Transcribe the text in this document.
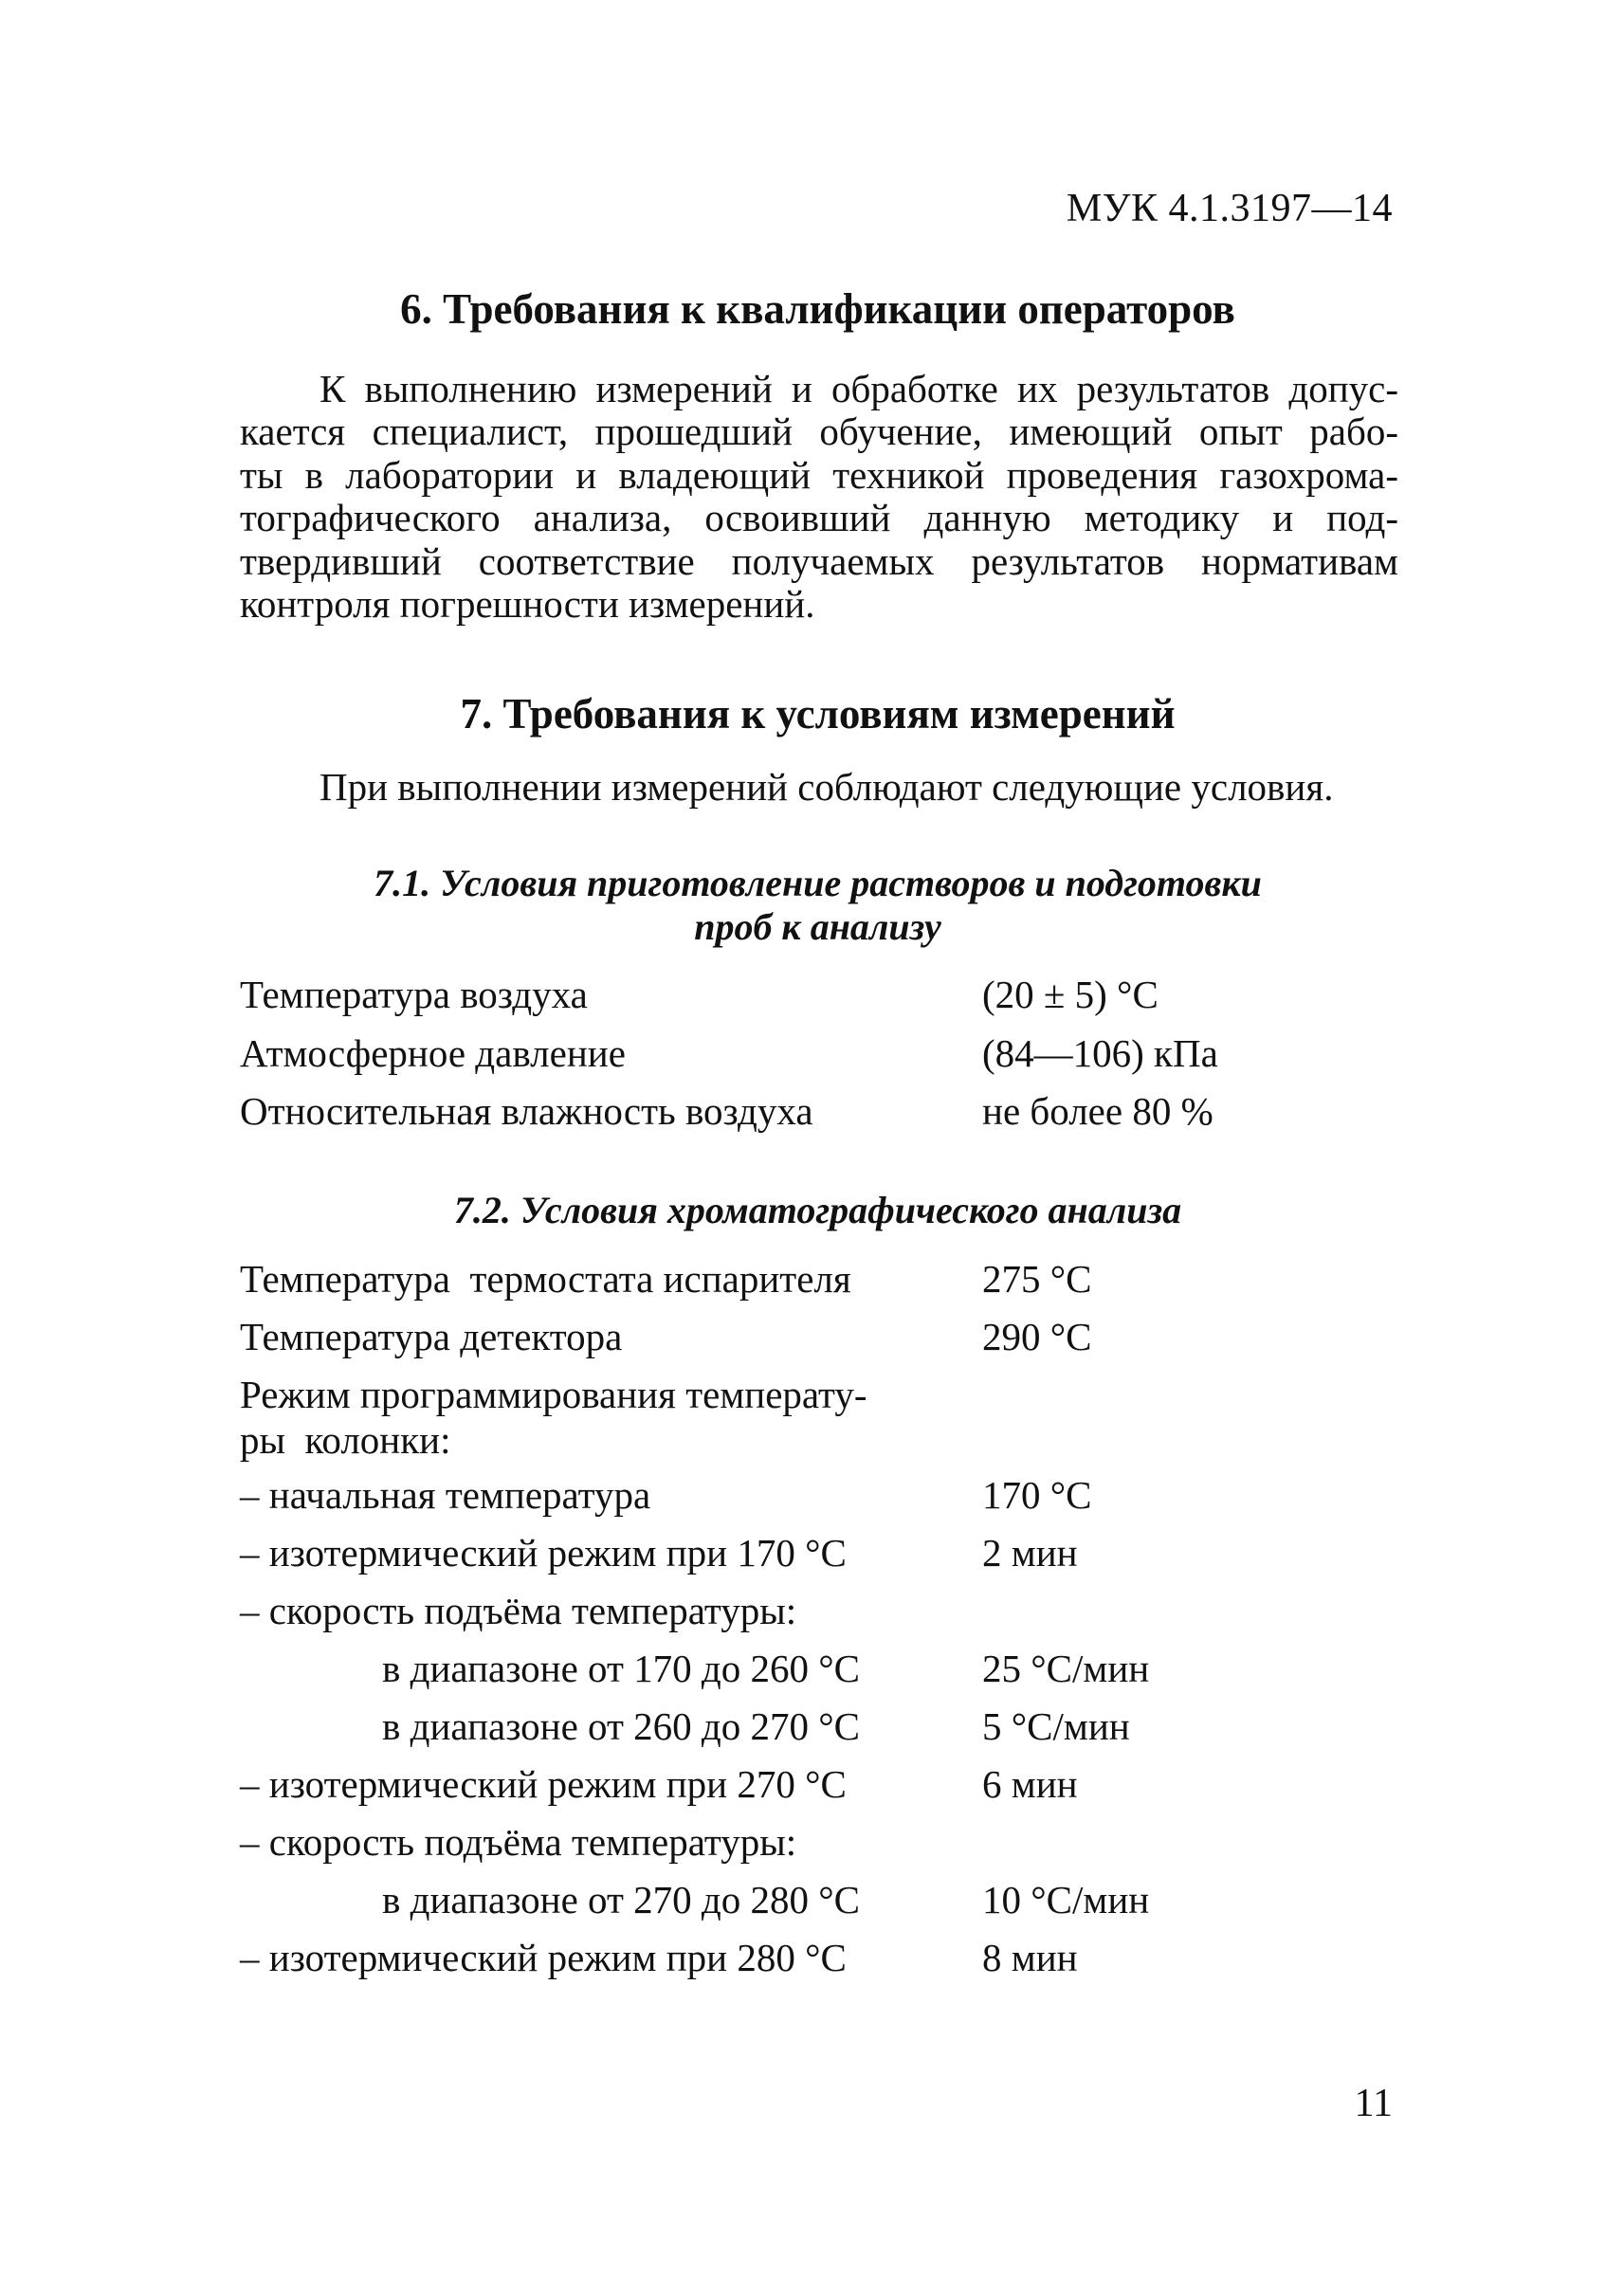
МУК 4.1.3197—14
6. Требования к квалификации операторов

К выполнению измерений и обработке их результатов допус-
кается специалист, прошедший обучение, имеющий опыт рабо-
ты в лаборатории и владеющий техникой проведения газохрома-
тографического анализа, освоивший данную методику и под-
твердивший соответствие получаемых результатов нормативам
контроля погрешности измерений.

7. Требования к условиям измерений

При выполнении измерений соблюдают следующие условия.

7.1. Условия приготовление растворов и подготовки
проб к анализу
Температура воздуха	(20 ± 5) °С
Атмосферное давление	(84—106) кПа
Относительная влажность воздуха	не более 80 %
7.2. Условия хроматографического анализа
Температура  термостата испарителя	275 °С
Температура детектора	290 °С
Режим программирования температу-
ры  колонки:
– начальная температура	170 °С
– изотермический режим при 170 °С	2 мин
– скорость подъёма температуры:
в диапазоне от 170 до 260 °С	25 °С/мин
в диапазоне от 260 до 270 °С	5 °С/мин
– изотермический режим при 270 °С	6 мин
– скорость подъёма температуры:
в диапазоне от 270 до 280 °С	10 °С/мин
– изотермический режим при 280 °С	8 мин
11
